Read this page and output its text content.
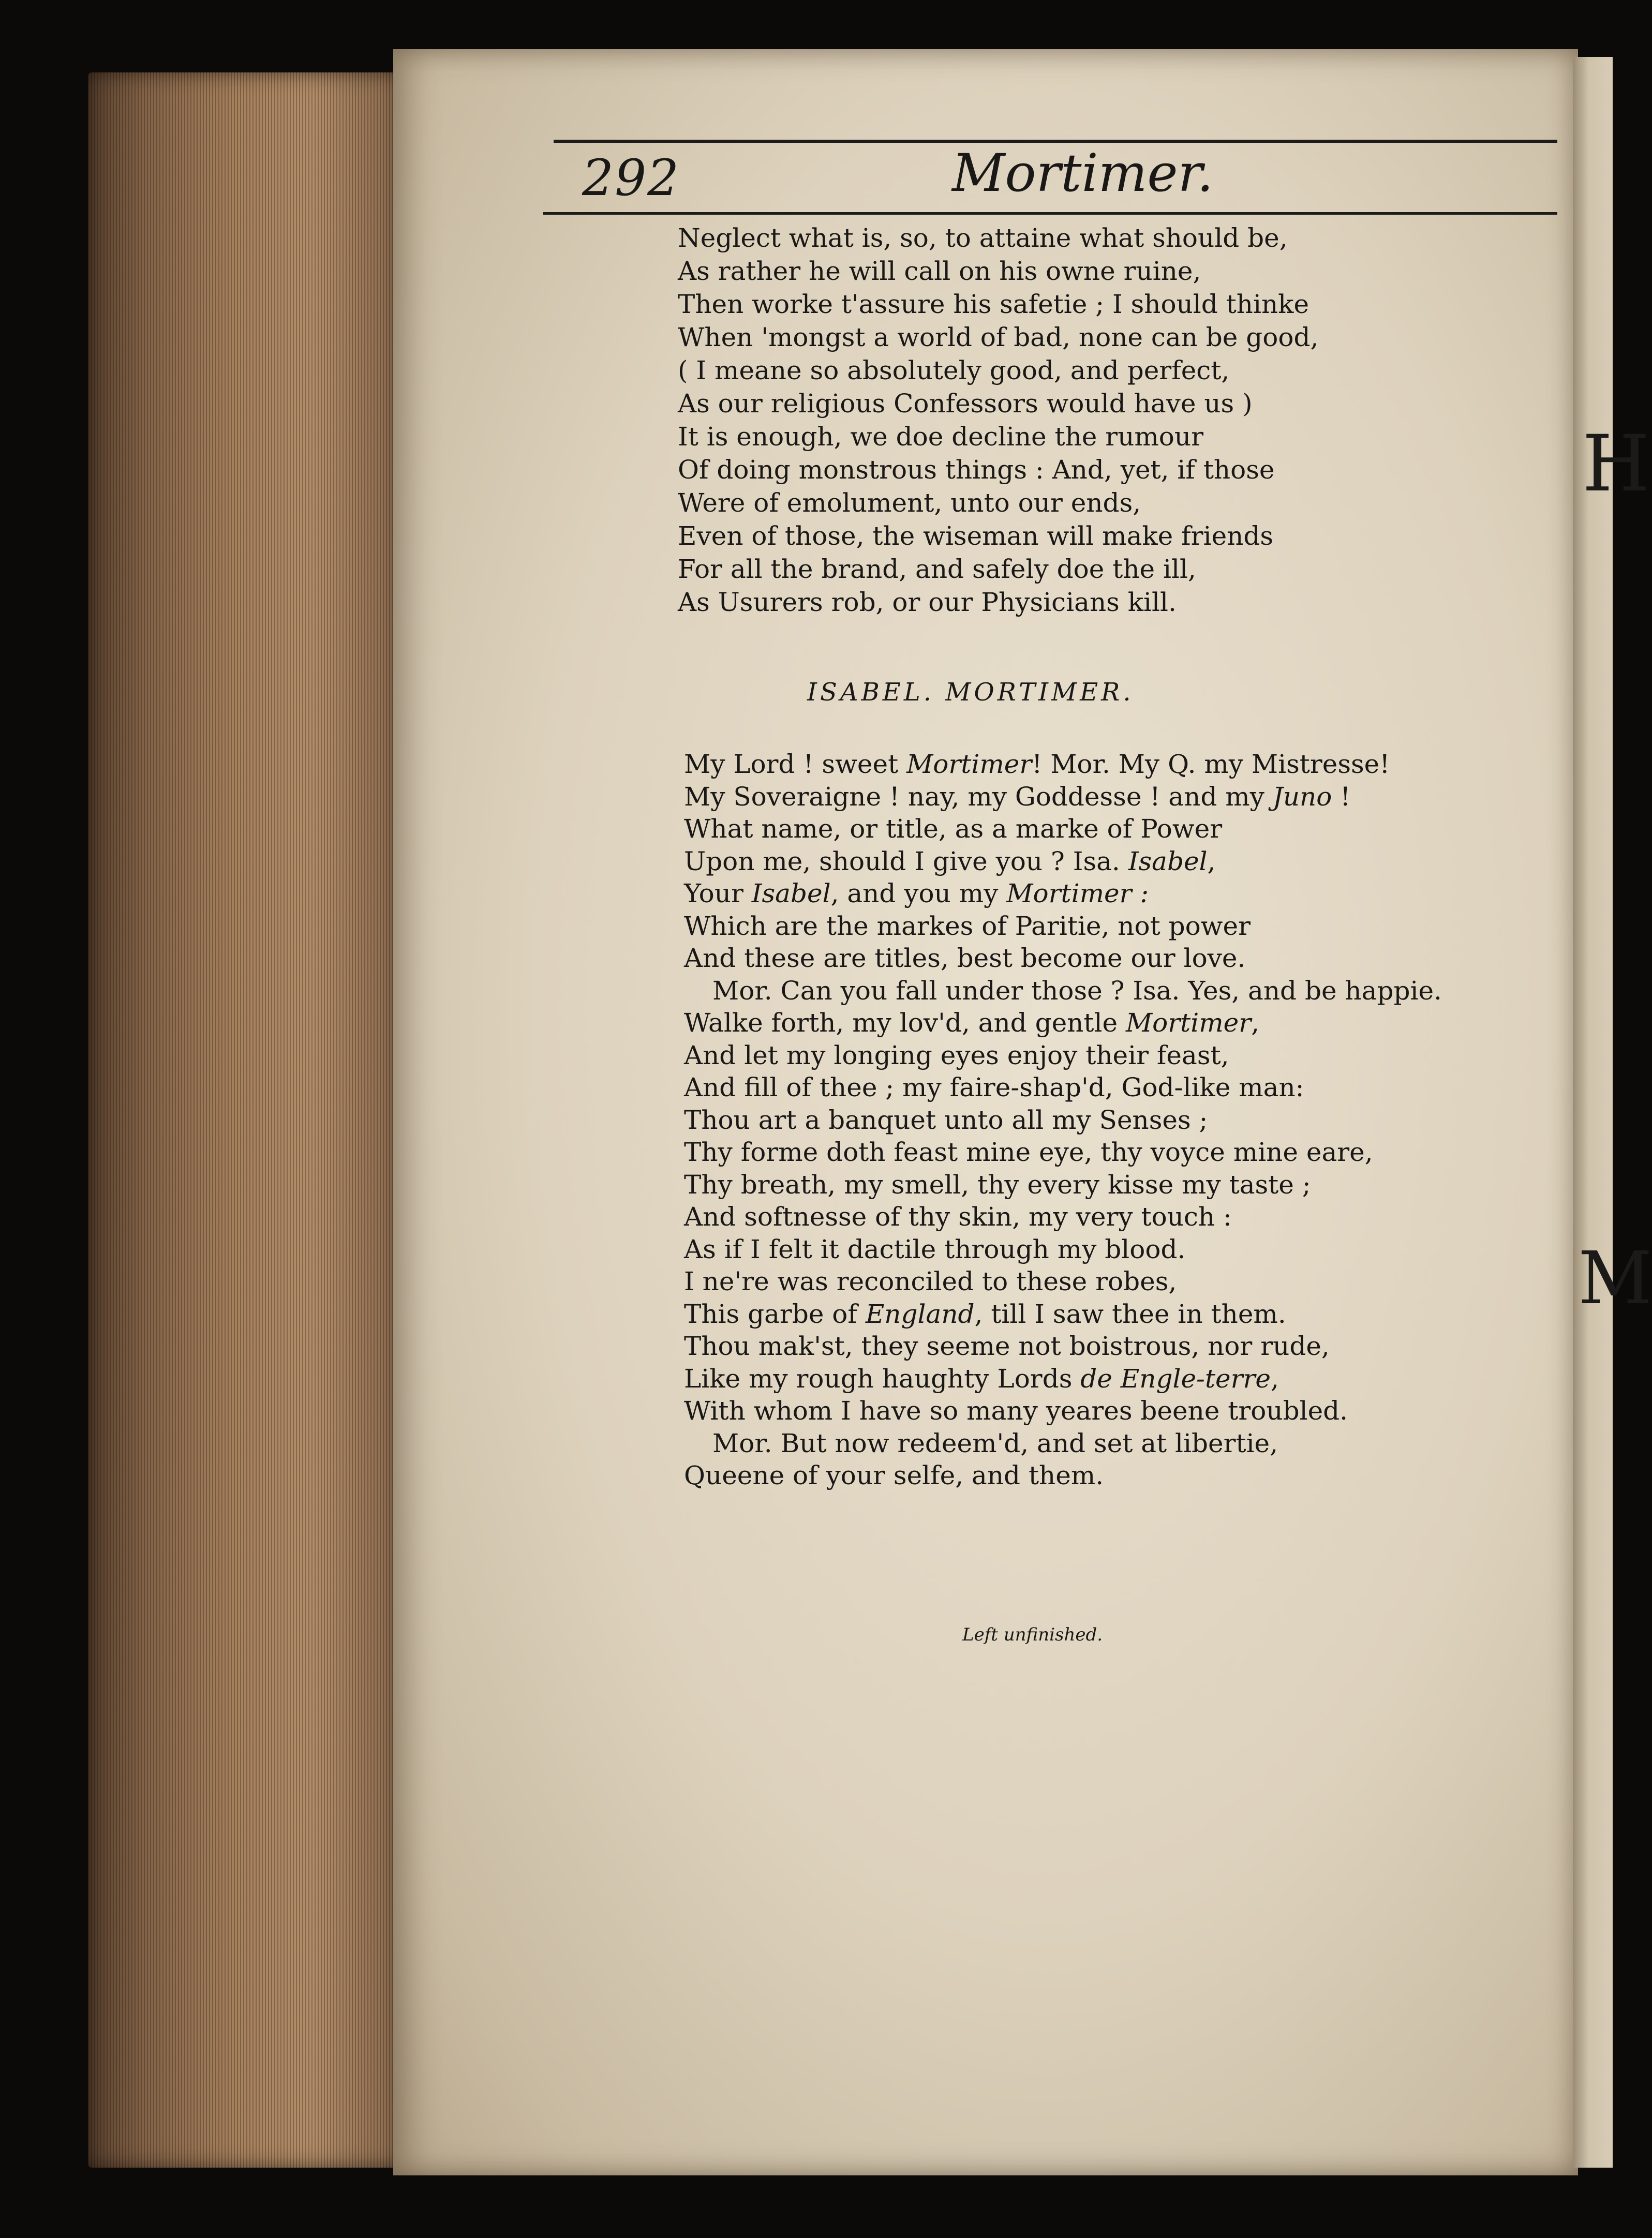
H
M
292	Mortimer.
Neglect what is, so, to attaine what should be,
As rather he will call on his owne ruine,
Then worke t'assure his safetie ; I should thinke
When 'mongst a world of bad, none can be good,
( I meane so absolutely good, and perfect,
As our religious Confessors would have us )
It is enough, we doe decline the rumour
Of doing monstrous things : And, yet, if those
Were of emolument, unto our ends,
Even of those, the wiseman will make friends
For all the brand, and safely doe the ill,
As Usurers rob, or our Physicians kill.
ISABEL. MORTIMER.
My Lord ! sweet Mortimer! Mor. My Q. my Mistresse!
My Soveraigne ! nay, my Goddesse ! and my Juno !
What name, or title, as a marke of Power
Upon me, should I give you ? Isa. Isabel,
Your Isabel, and you my Mortimer :
Which are the markes of Paritie, not power
And these are titles, best become our love.
Mor. Can you fall under those ? Isa. Yes, and be happie.
Walke forth, my lov'd, and gentle Mortimer,
And let my longing eyes enjoy their feast,
And fill of thee ; my faire-shap'd, God-like man:
Thou art a banquet unto all my Senses ;
Thy forme doth feast mine eye, thy voyce mine eare,
Thy breath, my smell, thy every kisse my taste ;
And softnesse of thy skin, my very touch :
As if I felt it dactile through my blood.
I ne're was reconciled to these robes,
This garbe of England, till I saw thee in them.
Thou mak'st, they seeme not boistrous, nor rude,
Like my rough haughty Lords de Engle-terre,
With whom I have so many yeares beene troubled.
Mor. But now redeem'd, and set at libertie,
Queene of your selfe, and them.
Left unfinished.
